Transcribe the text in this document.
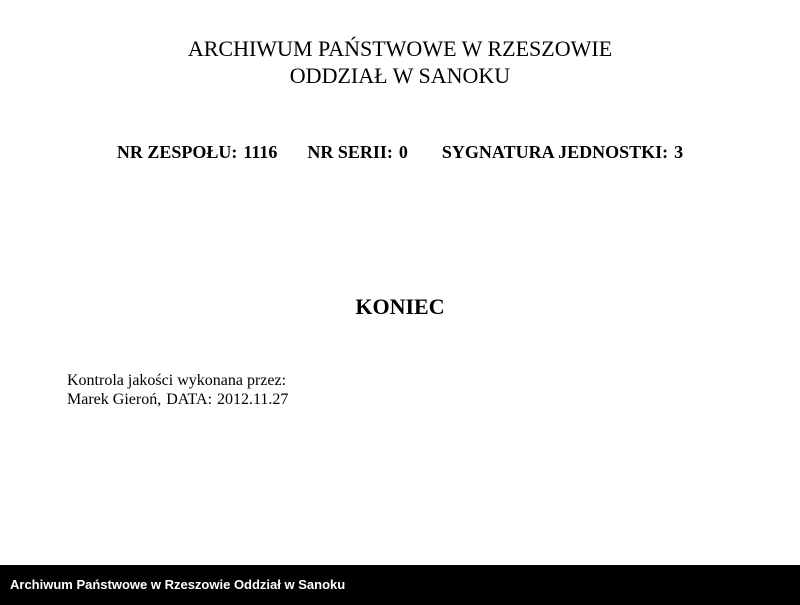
ARCHIWUM PAŃSTWOWE W RZESZOWIE
ODDZIAŁ W SANOKU
NR ZESPOŁU: 1116 NR SERII: 0 SYGNATURA JEDNOSTKI: 3
KONIEC
Kontrola jakości wykonana przez:
Marek Gieroń, DATA: 2012.11.27
Archiwum Państwowe w Rzeszowie Oddział w Sanoku
